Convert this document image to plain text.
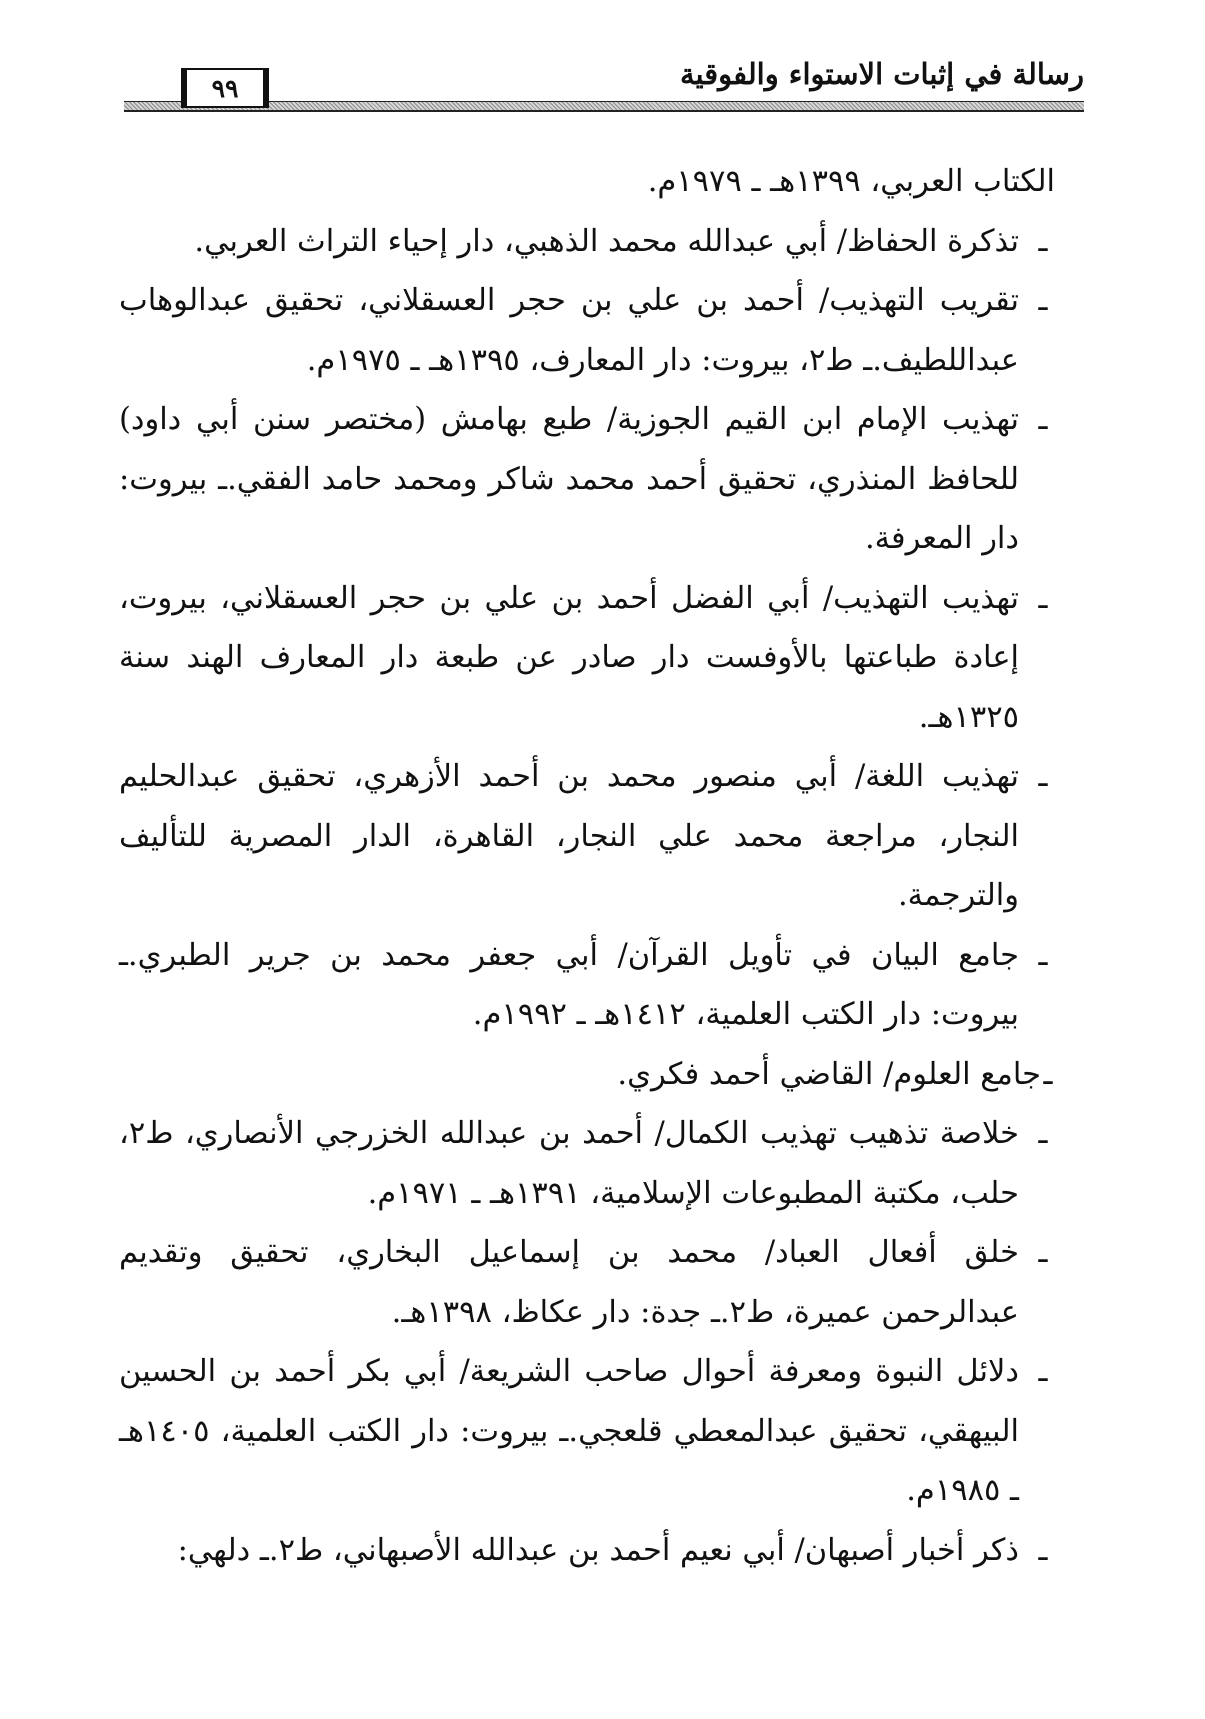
رسالة في إثبات الاستواء والفوقية
٩٩

الكتاب العربي، ١٣٩٩هـ ـ ١٩٧٩م.

ـ
تذكرة الحفاظ/ أبي عبدالله محمد الذهبي، دار إحياء التراث العربي.

ـ
تقريب التهذيب/ أحمد بن علي بن حجر العسقلاني، تحقيق عبدالوهاب عبداللطيف.ـ ط٢، بيروت: دار المعارف، ١٣٩٥هـ ـ ١٩٧٥م.

ـ
تهذيب الإمام ابن القيم الجوزية/ طبع بهامش (مختصر سنن أبي داود) للحافظ المنذري، تحقيق أحمد محمد شاكر ومحمد حامد الفقي.ـ بيروت: دار المعرفة.

ـ
تهذيب التهذيب/ أبي الفضل أحمد بن علي بن حجر العسقلاني، بيروت، إعادة طباعتها بالأوفست دار صادر عن طبعة دار المعارف الهند سنة ١٣٢٥هـ.

ـ
تهذيب اللغة/ أبي منصور محمد بن أحمد الأزهري، تحقيق عبدالحليم النجار، مراجعة محمد علي النجار، القاهرة، الدار المصرية للتأليف والترجمة.

ـ
جامع البيان في تأويل القرآن/ أبي جعفر محمد بن جرير الطبري.ـ بيروت: دار الكتب العلمية، ١٤١٢هـ ـ ١٩٩٢م.

ـ
جامع العلوم/ القاضي أحمد فكري.

ـ
خلاصة تذهيب تهذيب الكمال/ أحمد بن عبدالله الخزرجي الأنصاري، ط٢، حلب، مكتبة المطبوعات الإسلامية، ١٣٩١هـ ـ ١٩٧١م.

ـ
خلق أفعال العباد/ محمد بن إسماعيل البخاري، تحقيق وتقديم عبدالرحمن عميرة، ط٢.ـ جدة: دار عكاظ، ١٣٩٨هـ.

ـ
دلائل النبوة ومعرفة أحوال صاحب الشريعة/ أبي بكر أحمد بن الحسين البيهقي، تحقيق عبدالمعطي قلعجي.ـ بيروت: دار الكتب العلمية، ١٤٠٥هـ ـ ١٩٨٥م.

ـ
ذكر أخبار أصبهان/ أبي نعيم أحمد بن عبدالله الأصبهاني، ط٢.ـ دلهي:
